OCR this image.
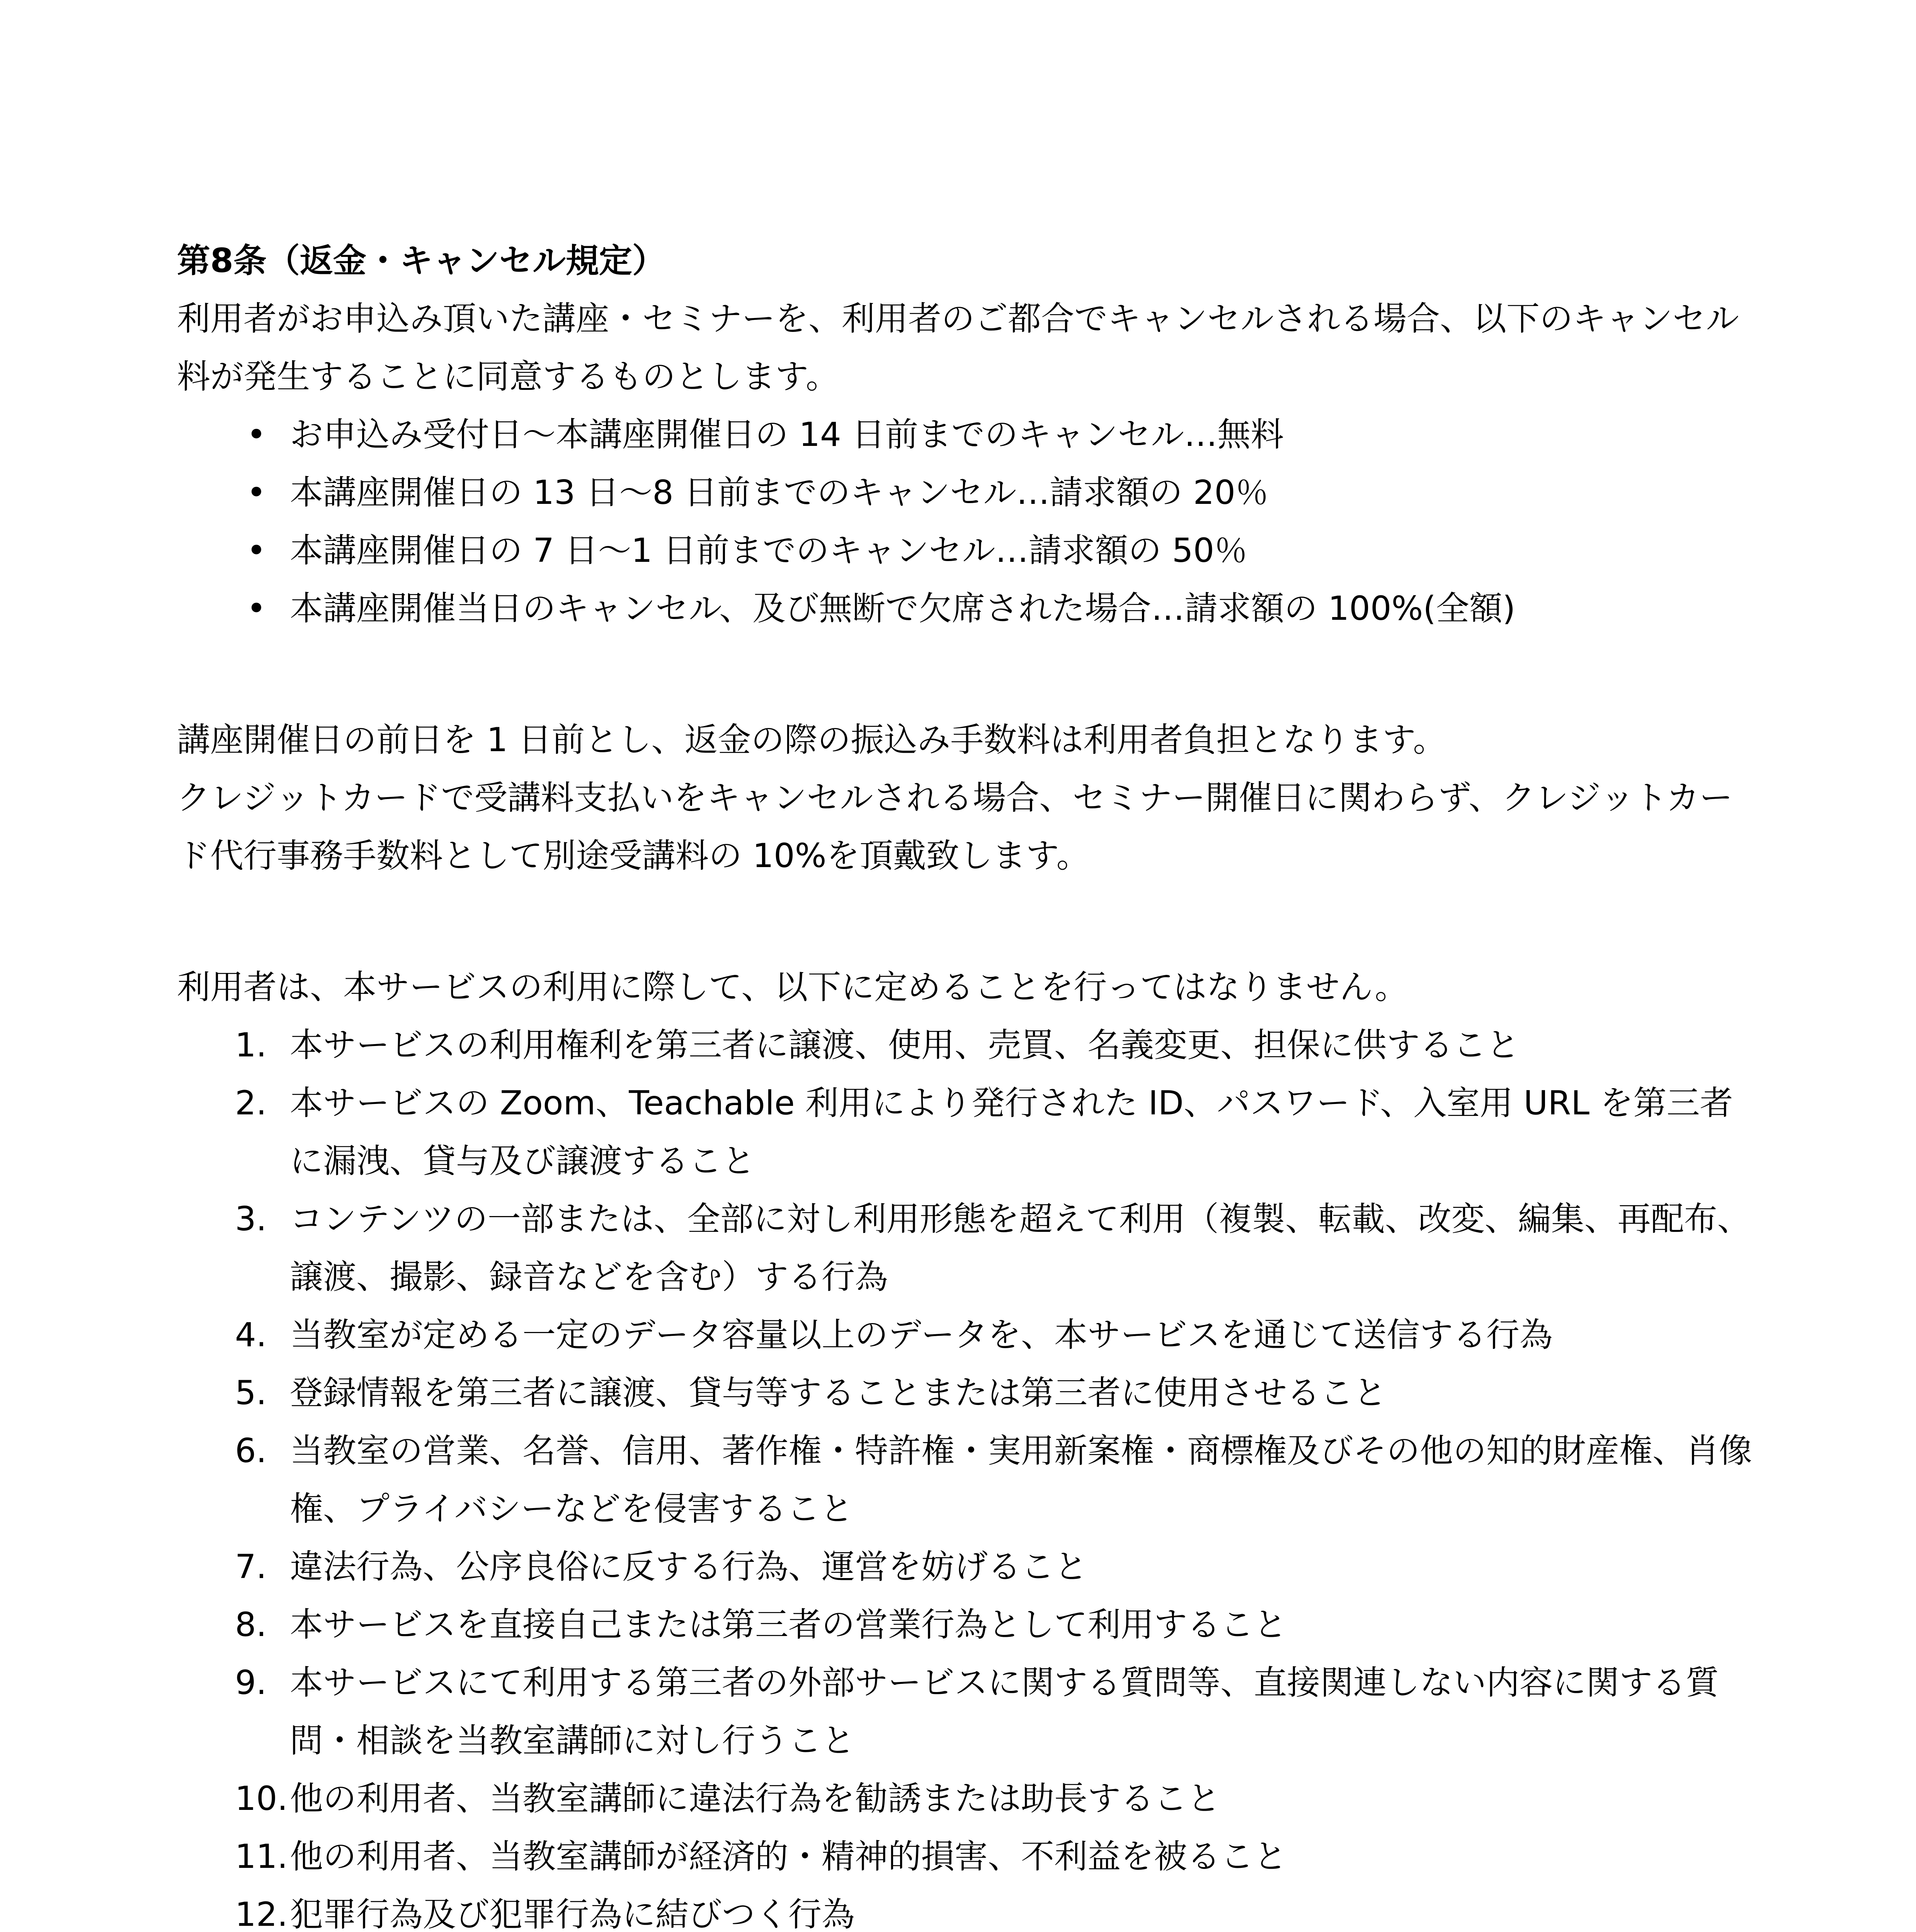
第8条（返金・キャンセル規定）

利用者がお申込み頂いた講座・セミナーを、利用者のご都合でキャンセルされる場合、以下のキャンセル料が発生することに同意するものとします。

• お申込み受付日～本講座開催日の 14 日前までのキャンセル…無料
• 本講座開催日の 13 日～8 日前までのキャンセル…請求額の 20％
• 本講座開催日の 7 日～1 日前までのキャンセル…請求額の 50％
• 本講座開催当日のキャンセル、及び無断で欠席された場合…請求額の 100%(全額)

講座開催日の前日を 1 日前とし、返金の際の振込み手数料は利用者負担となります。

クレジットカードで受講料支払いをキャンセルされる場合、セミナー開催日に関わらず、クレジットカード代行事務手数料として別途受講料の 10%を頂戴致します。

利用者は、本サービスの利用に際して、以下に定めることを行ってはなりません。

1. 本サービスの利用権利を第三者に譲渡、使用、売買、名義変更、担保に供すること
2. 本サービスの Zoom、Teachable 利用により発行された ID、パスワード、入室用 URL を第三者に漏洩、貸与及び譲渡すること
3. コンテンツの一部または、全部に対し利用形態を超えて利用（複製、転載、改変、編集、再配布、譲渡、撮影、録音などを含む）する行為
4. 当教室が定める一定のデータ容量以上のデータを、本サービスを通じて送信する行為
5. 登録情報を第三者に譲渡、貸与等することまたは第三者に使用させること
6. 当教室の営業、名誉、信用、著作権・特許権・実用新案権・商標権及びその他の知的財産権、肖像権、プライバシーなどを侵害すること
7. 違法行為、公序良俗に反する行為、運営を妨げること
8. 本サービスを直接自己または第三者の営業行為として利用すること
9. 本サービスにて利用する第三者の外部サービスに関する質問等、直接関連しない内容に関する質問・相談を当教室講師に対し行うこと
10. 他の利用者、当教室講師に違法行為を勧誘または助長すること
11. 他の利用者、当教室講師が経済的・精神的損害、不利益を被ること
12. 犯罪行為及び犯罪行為に結びつく行為
